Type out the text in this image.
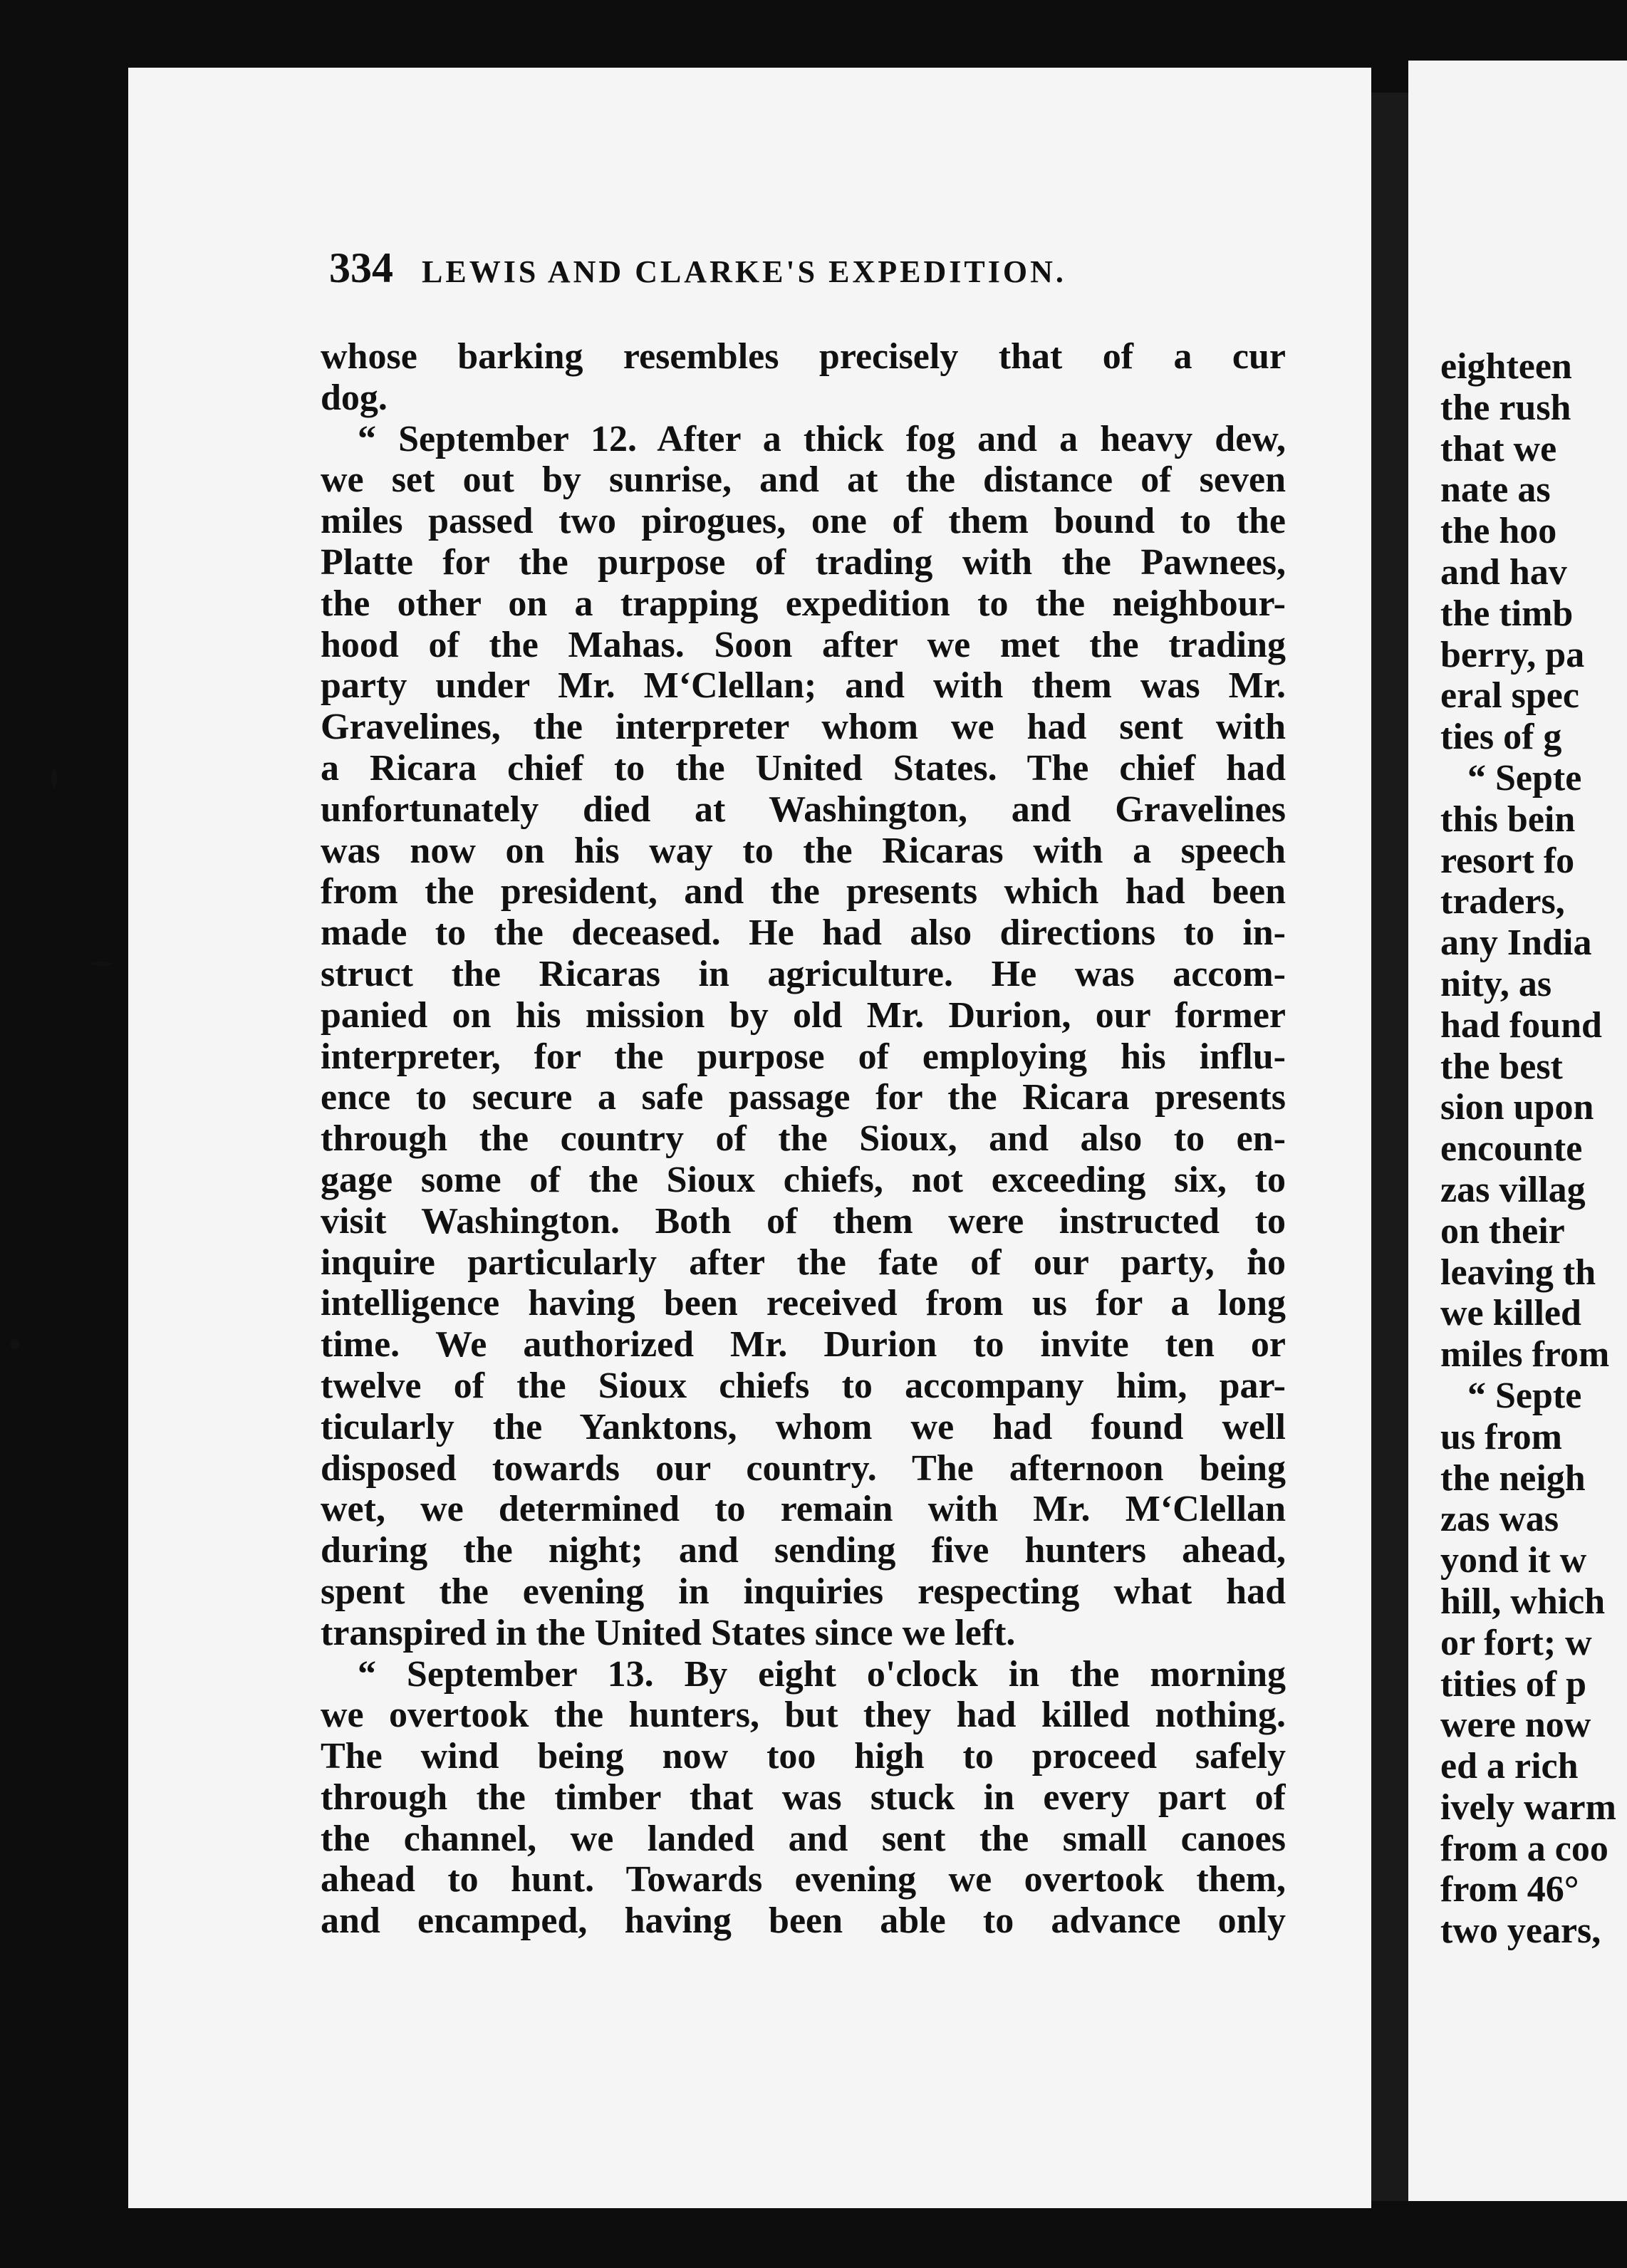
334 LEWIS AND CLARKE'S EXPEDITION.
whose barking resembles precisely that of a cur
dog.
“ September 12. After a thick fog and a heavy dew,
we set out by sunrise, and at the distance of seven
miles passed two pirogues, one of them bound to the
Platte for the purpose of trading with the Pawnees,
the other on a trapping expedition to the neighbour-
hood of the Mahas. Soon after we met the trading
party under Mr. M‘Clellan; and with them was Mr.
Gravelines, the interpreter whom we had sent with
a Ricara chief to the United States. The chief had
unfortunately died at Washington, and Gravelines
was now on his way to the Ricaras with a speech
from the president, and the presents which had been
made to the deceased. He had also directions to in-
struct the Ricaras in agriculture. He was accom-
panied on his mission by old Mr. Durion, our former
interpreter, for the purpose of employing his influ-
ence to secure a safe passage for the Ricara presents
through the country of the Sioux, and also to en-
gage some of the Sioux chiefs, not exceeding six, to
visit Washington. Both of them were instructed to
inquire particularly after the fate of our party, no
intelligence having been received from us for a long
time. We authorized Mr. Durion to invite ten or
twelve of the Sioux chiefs to accompany him, par-
ticularly the Yanktons, whom we had found well
disposed towards our country. The afternoon being
wet, we determined to remain with Mr. M‘Clellan
during the night; and sending five hunters ahead,
spent the evening in inquiries respecting what had
transpired in the United States since we left.
“ September 13. By eight o'clock in the morning
we overtook the hunters, but they had killed nothing.
The wind being now too high to proceed safely
through the timber that was stuck in every part of
the channel, we landed and sent the small canoes
ahead to hunt. Towards evening we overtook them,
and encamped, having been able to advance only
eighteen
the rush
that we
nate as
the hoo
and hav
the timb
berry, pa
eral spec
ties of g
“ Septe
this bein
resort fo
traders,
any India
nity, as
had found
the best
sion upon
encounte
zas villag
on their
leaving th
we killed
miles from
“ Septe
us from
the neigh
zas was
yond it w
hill, which
or fort; w
tities of p
were now
ed a rich
ively warm
from a coo
from 46°
two years,
